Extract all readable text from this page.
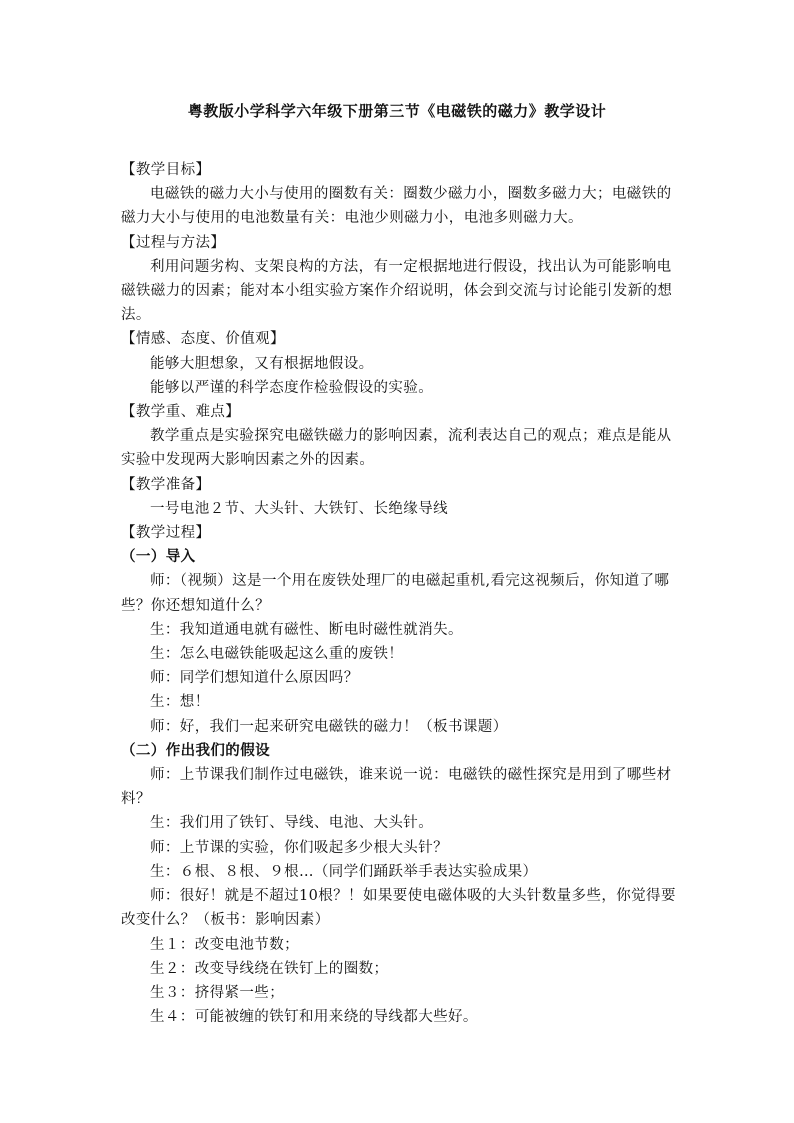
粤教版小学科学六年级下册第三节《电磁铁的磁力》教学设计

【教学目标】

电磁铁的磁力大小与使用的圈数有关：圈数少磁力小，圈数多磁力大；电磁铁的磁力大小与使用的电池数量有关：电池少则磁力小，电池多则磁力大。

【过程与方法】

利用问题劣构、支架良构的方法，有一定根据地进行假设，找出认为可能影响电磁铁磁力的因素；能对本小组实验方案作介绍说明，体会到交流与讨论能引发新的想法。

【情感、态度、价值观】

能够大胆想象，又有根据地假设。

能够以严谨的科学态度作检验假设的实验。

【教学重、难点】

教学重点是实验探究电磁铁磁力的影响因素，流利表达自己的观点；难点是能从实验中发现两大影响因素之外的因素。

【教学准备】

一号电池２节、大头针、大铁钉、长绝缘导线

【教学过程】

（一）导入

师：（视频）这是一个用在废铁处理厂的电磁起重机,看完这视频后，你知道了哪些？你还想知道什么？

生：我知道通电就有磁性、断电时磁性就消失。

生：怎么电磁铁能吸起这么重的废铁！

师：同学们想知道什么原因吗？

生：想！

师：好，我们一起来研究电磁铁的磁力！（板书课题）

（二）作出我们的假设

师：上节课我们制作过电磁铁，谁来说一说：电磁铁的磁性探究是用到了哪些材料？

生：我们用了铁钉、导线、电池、大头针。

师：上节课的实验，你们吸起多少根大头针？

生：６根、８根、９根…（同学们踊跃举手表达实验成果）

师：很好！就是不超过10根？！如果要使电磁体吸的大头针数量多些，你觉得要改变什么？（板书：影响因素）

生１：改变电池节数；

生２：改变导线绕在铁钉上的圈数；

生３：挤得紧一些；

生４：可能被缠的铁钉和用来绕的导线都大些好。
